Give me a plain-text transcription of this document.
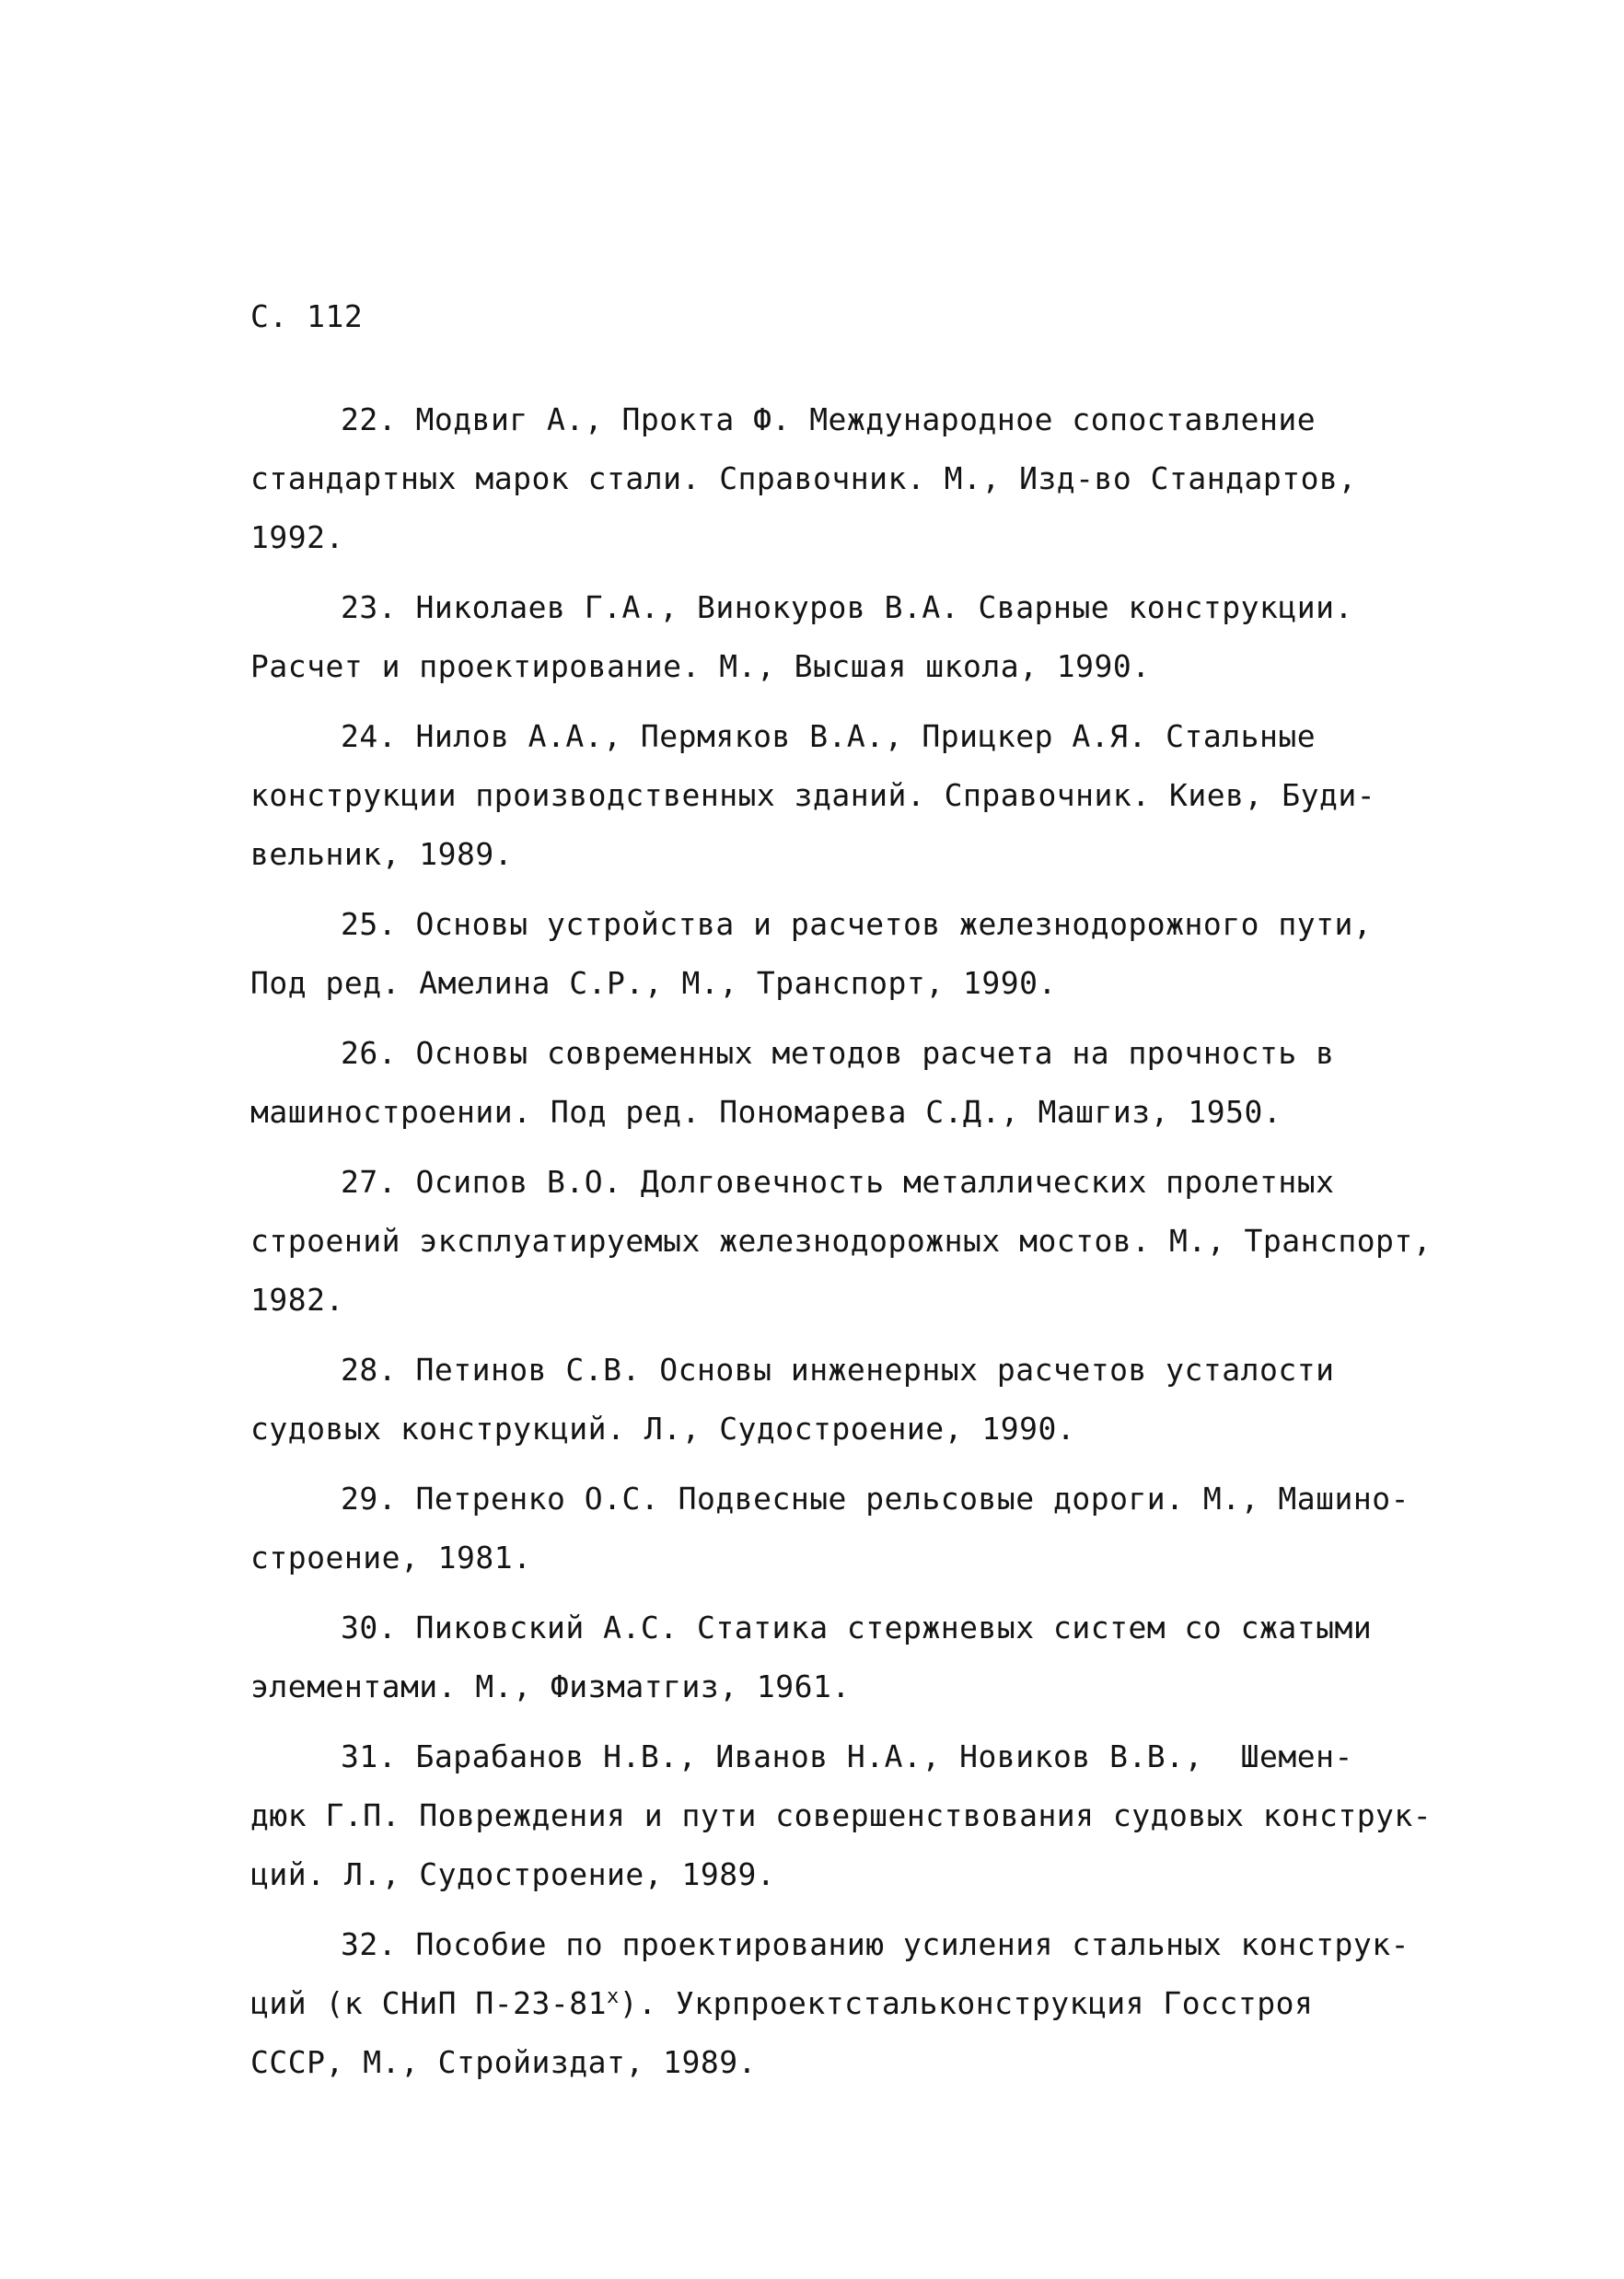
С. 112
22. Модвиг А., Прокта Ф. Международное сопоставление
стандартных марок стали. Справочник. М., Изд-во Стандартов,
1992.
23. Николаев Г.А., Винокуров В.А. Сварные конструкции.
Расчет и проектирование. М., Высшая школа, 1990.
24. Нилов А.А., Пермяков В.А., Прицкер А.Я. Стальные
конструкции производственных зданий. Справочник. Киев, Буди-
вельник, 1989.
25. Основы устройства и расчетов железнодорожного пути,
Под ред. Амелина С.Р., М., Транспорт, 1990.
26. Основы современных методов расчета на прочность в
машиностроении. Под ред. Пономарева С.Д., Машгиз, 1950.
27. Осипов В.О. Долговечность металлических пролетных
строений эксплуатируемых железнодорожных мостов. М., Транспорт,
1982.
28. Петинов С.В. Основы инженерных расчетов усталости
судовых конструкций. Л., Судостроение, 1990.
29. Петренко О.С. Подвесные рельсовые дороги. М., Машино-
строение, 1981.
30. Пиковский А.С. Статика стержневых систем со сжатыми
элементами. М., Физматгиз, 1961.
31. Барабанов Н.В., Иванов Н.А., Новиков В.В.,  Шемен-
дюк Г.П. Повреждения и пути совершенствования судовых конструк-
ций. Л., Судостроение, 1989.
32. Пособие по проектированию усиления стальных конструк-
ций (к СНиП $П-23-81^х$). Укрпроектстальконструкция Госстроя
СССР, М., Стройиздат, 1989.
